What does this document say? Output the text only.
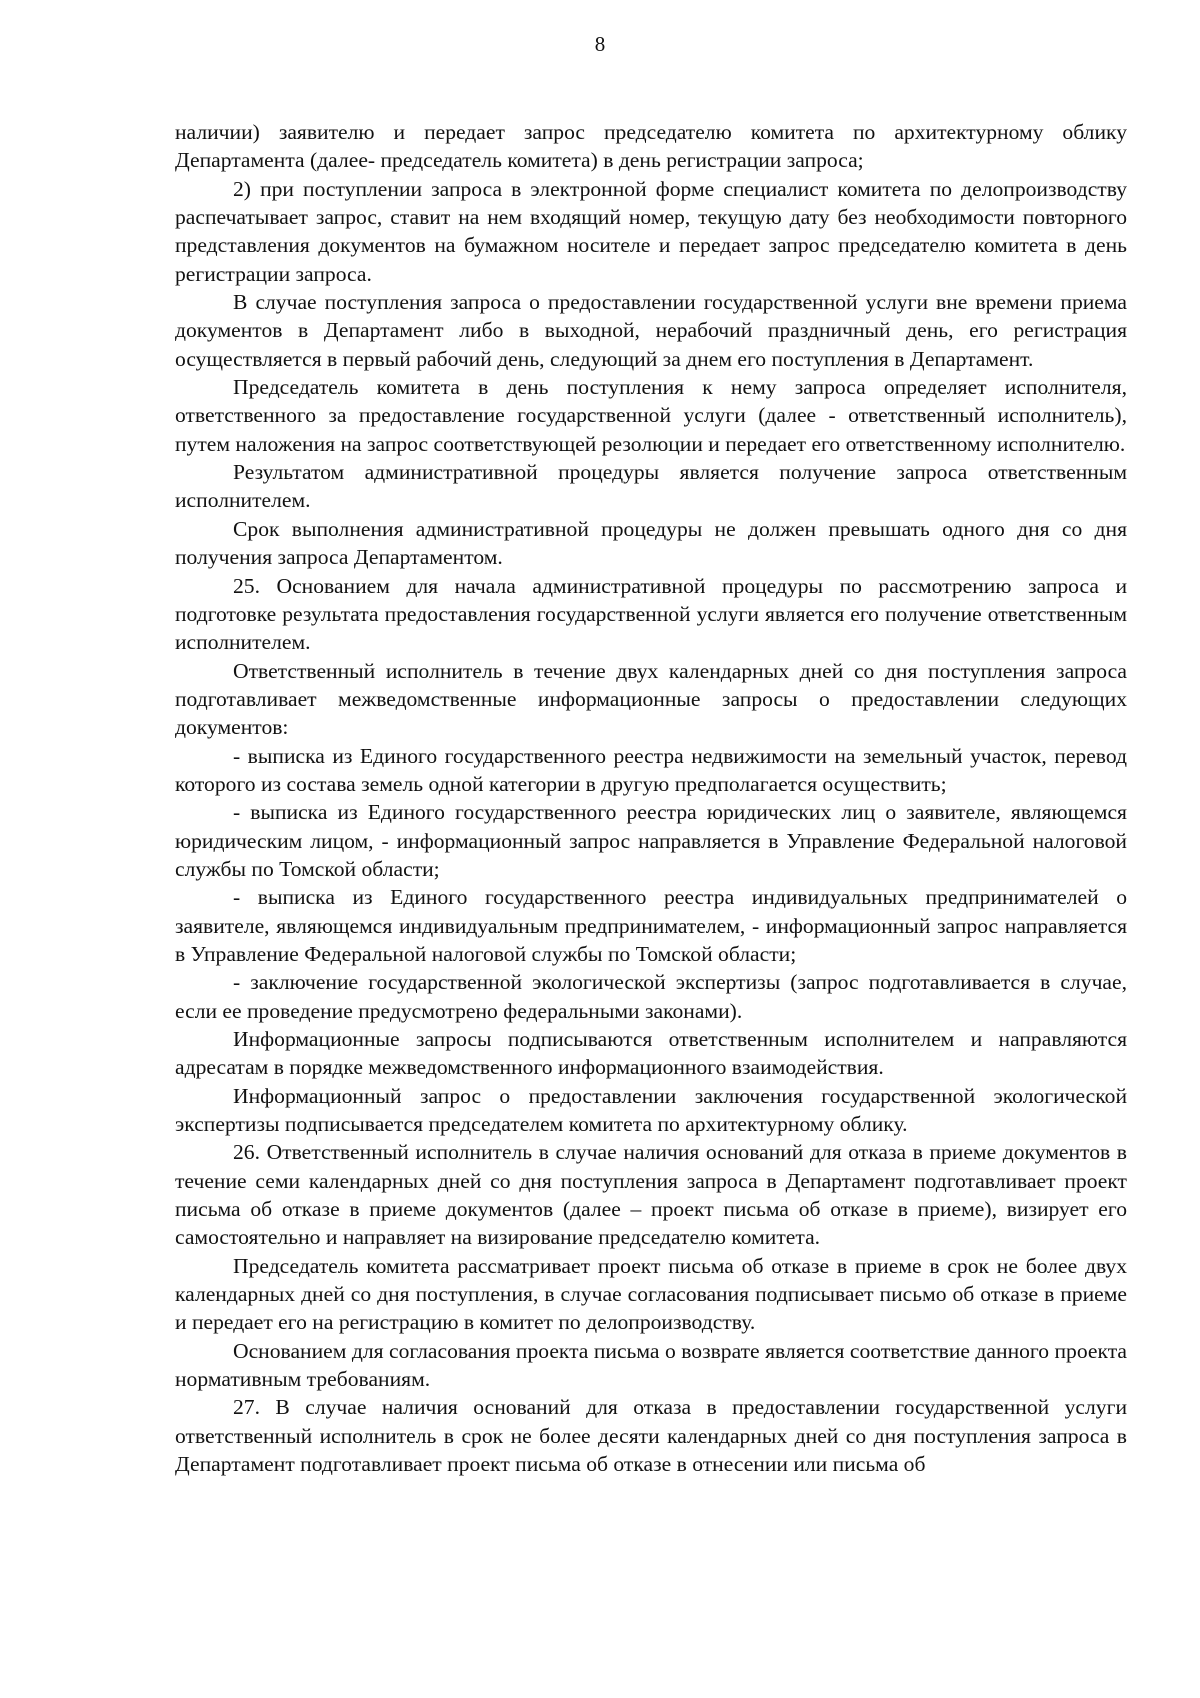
8

наличии) заявителю и передает запрос председателю комитета по архитектурному облику Департамента (далее- председатель комитета) в день регистрации запроса;

2) при поступлении запроса в электронной форме специалист комитета по делопроизводству распечатывает запрос, ставит на нем входящий номер, текущую дату без необходимости повторного представления документов на бумажном носителе и передает запрос председателю комитета в день регистрации запроса.

В случае поступления запроса о предоставлении государственной услуги вне времени приема документов в Департамент либо в выходной, нерабочий праздничный день, его регистрация осуществляется в первый рабочий день, следующий за днем его поступления в Департамент.

Председатель комитета в день поступления к нему запроса определяет исполнителя, ответственного за предоставление государственной услуги (далее - ответственный исполнитель), путем наложения на запрос соответствующей резолюции и передает его ответственному исполнителю.

Результатом административной процедуры является получение запроса ответственным исполнителем.

Срок выполнения административной процедуры не должен превышать одного дня со дня получения запроса Департаментом.

25. Основанием для начала административной процедуры по рассмотрению запроса и подготовке результата предоставления государственной услуги является его получение ответственным исполнителем.

Ответственный исполнитель в течение двух календарных дней со дня поступления запроса подготавливает межведомственные информационные запросы о предоставлении следующих документов:

- выписка из Единого государственного реестра недвижимости на земельный участок, перевод которого из состава земель одной категории в другую предполагается осуществить;

- выписка из Единого государственного реестра юридических лиц о заявителе, являющемся юридическим лицом, - информационный запрос направляется в Управление Федеральной налоговой службы по Томской области;

- выписка из Единого государственного реестра индивидуальных предпринимателей о заявителе, являющемся индивидуальным предпринимателем, - информационный запрос направляется в Управление Федеральной налоговой службы по Томской области;

- заключение государственной экологической экспертизы (запрос подготавливается в случае, если ее проведение предусмотрено федеральными законами).

Информационные запросы подписываются ответственным исполнителем и направляются адресатам в порядке межведомственного информационного взаимодействия.

Информационный запрос о предоставлении заключения государственной экологической экспертизы подписывается председателем комитета по архитектурному облику.

26. Ответственный исполнитель в случае наличия оснований для отказа в приеме документов в течение семи календарных дней со дня поступления запроса в Департамент подготавливает проект письма об отказе в приеме документов (далее – проект письма об отказе в приеме), визирует его самостоятельно и направляет на визирование председателю комитета.

Председатель комитета рассматривает проект письма об отказе в приеме в срок не более двух календарных дней со дня поступления, в случае согласования подписывает письмо об отказе в приеме и передает его на регистрацию в комитет по делопроизводству.

Основанием для согласования проекта письма о возврате является соответствие данного проекта нормативным требованиям.

27. В случае наличия оснований для отказа в предоставлении государственной услуги ответственный исполнитель в срок не более десяти календарных дней со дня поступления запроса в Департамент подготавливает проект письма об отказе в отнесении или письма об
